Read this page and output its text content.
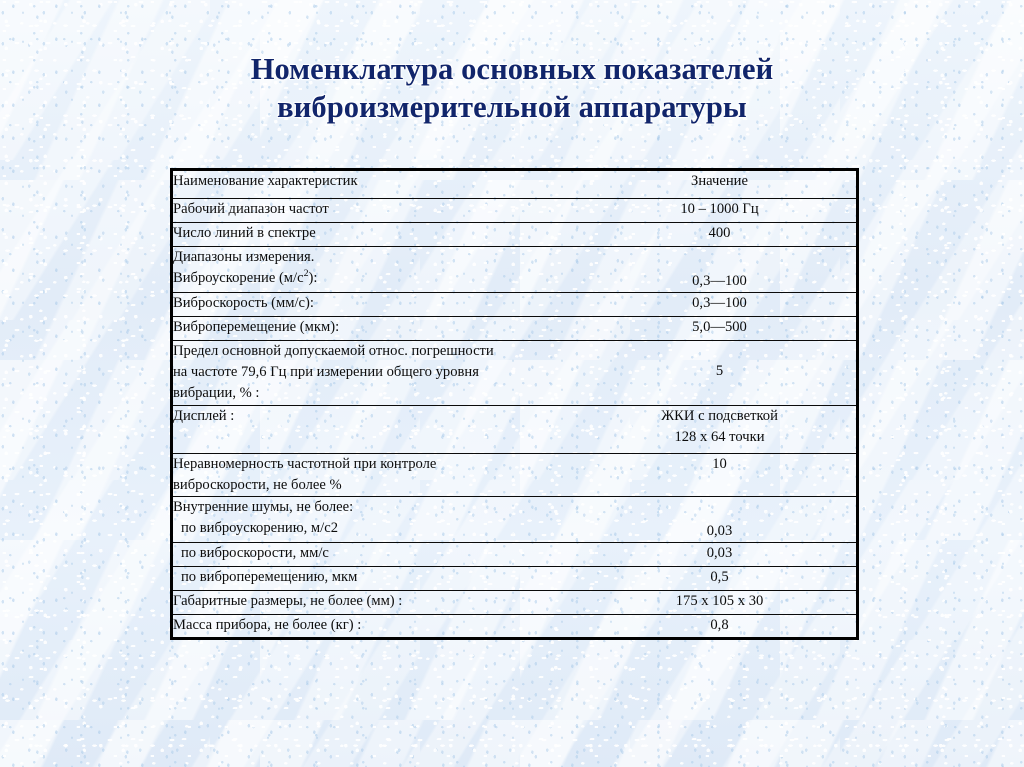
Номенклатура основных показателей
виброизмерительной аппаратуры
Наименование характеристик	Значение
Рабочий диапазон частот	10 – 1000 Гц
Число линий в спектре	400

Диапазоны измерения.
Виброускорение $(м/с^2)$:	0,3—100

Виброскорость (мм/с):	0,3—100
Виброперемещение (мкм):	5,0—500

Предел основной допускаемой относ. погрешности
на частоте 79,6 Гц при измерении общего уровня
вибрации, % :	5

Дисплей :	ЖКИ с подсветкой
128 x 64 точки

Неравномерность частотной при контроле
виброскорости, не более %	10

Внутренние шумы, не более:
по виброускорению, м/с2	0,03

по виброскорости, мм/с	0,03
по виброперемещению, мкм	0,5
Габаритные размеры, не более (мм) :	175 х 105 х 30
Масса прибора, не более (кг) :	0,8
